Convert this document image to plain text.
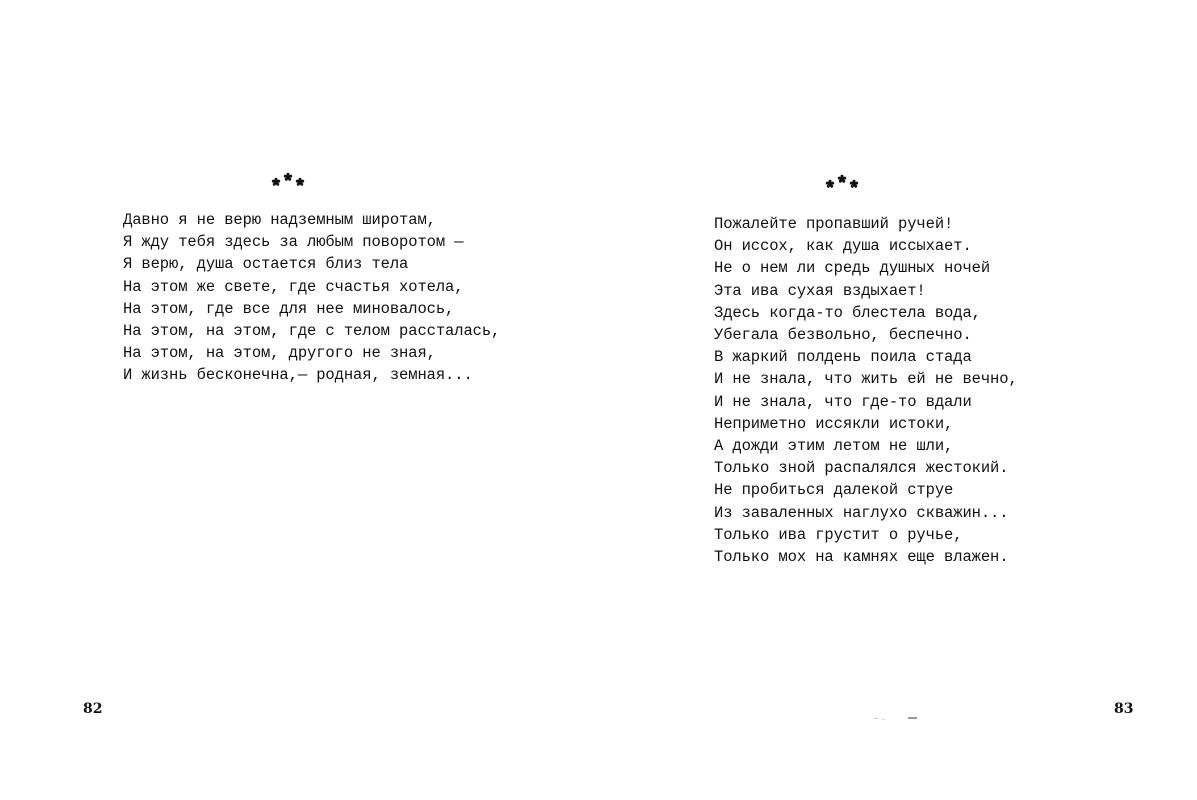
Давно я не верю надземным широтам,
Я жду тебя здесь за любым поворотом —
Я верю, душа остается близ тела
На этом же свете, где счастья хотела,
На этом, где все для нее миновалось,
На этом, на этом, где с телом рассталась,
На этом, на этом, другого не зная,
И жизнь бесконечна,— родная, земная...
82
Пожалейте пропавший ручей!
Он иссох, как душа иссыхает.
Не о нем ли средь душных ночей
Эта ива сухая вздыхает!
Здесь когда-то блестела вода,
Убегала безвольно, беспечно.
В жаркий полдень поила стада
И не знала, что жить ей не вечно,
И не знала, что где-то вдали
Неприметно иссякли истоки,
А дожди этим летом не шли,
Только зной распалялся жестокий.
Не пробиться далекой струе
Из заваленных наглухо скважин...
Только ива грустит о ручье,
Только мох на камнях еще влажен.
83
